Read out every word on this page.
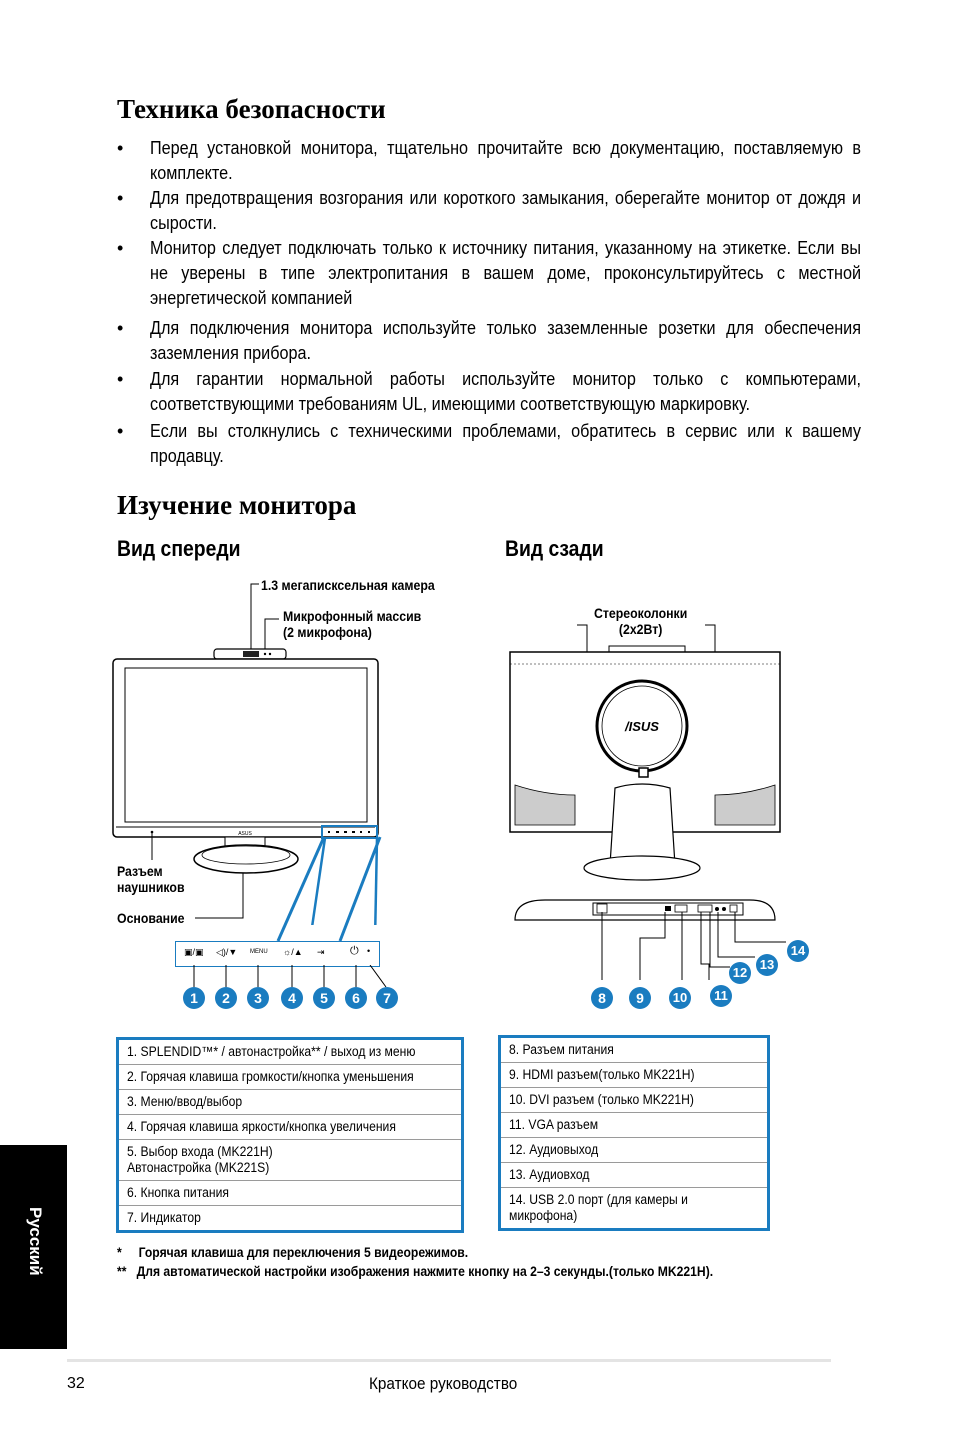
Техника безопасности
• Перед установкой монитора, тщательно прочитайте всю документацию, поставляемую в комплекте.
• Для предотвращения возгорания или короткого замыкания, оберегайте монитор от дождя и сырости.
• Монитор следует подключать только к источнику питания, указанному на этикетке. Если вы не уверены в типе электропитания в вашем доме, проконсультируйтесь с местной энергетической компанией
• Для подключения монитора используйте только заземленные розетки для обеспечения заземления прибора.
• Для гарантии нормальной работы используйте монитор только с компьютерами, соответствующими требованиям UL, имеющими соответствующую маркировку.
• Если вы столкнулись с техническими проблемами, обратитесь в сервис или к вашему продавцу.
Изучение монитора
Вид спереди	Вид сзади
ASUS
▣/▣ ◁)/▼ MENU ☼/▲ ⇥ ⏻ •
1	2	3	4	5	6	7
1.3 мегаписксельная камера
Микрофонный массив
(2 микрофона)
Разъем
наушников
Основание
/ISUS
8	9	10	11
12
13
14
Стереоколонки
(2x2Вт)
1. SPLENDID™* / автонастройка** / выход из меню
2. Горячая клавиша громкости/кнопка уменьшения
3. Меню/ввод/выбор
4. Горячая клавиша яркости/кнопка увеличения
5. Выбор входа (MK221H)
Автонастройка (MK221S)
6. Кнопка питания
7. Индикатор
8. Разъем питания
9. HDMI разъем(только MK221H)
10. DVI разъем (только MK221H)
11. VGA разъем
12. Аудиовыход
13. Аудиовход
14. USB 2.0 порт (для камеры и
микрофона)
*     Горячая клавиша для переключения 5 видеорежимов.
**   Для автоматической настройки изображения нажмите кнопку на 2–3 секунды.(только MK221H).
Русский
32	Краткое руководство
